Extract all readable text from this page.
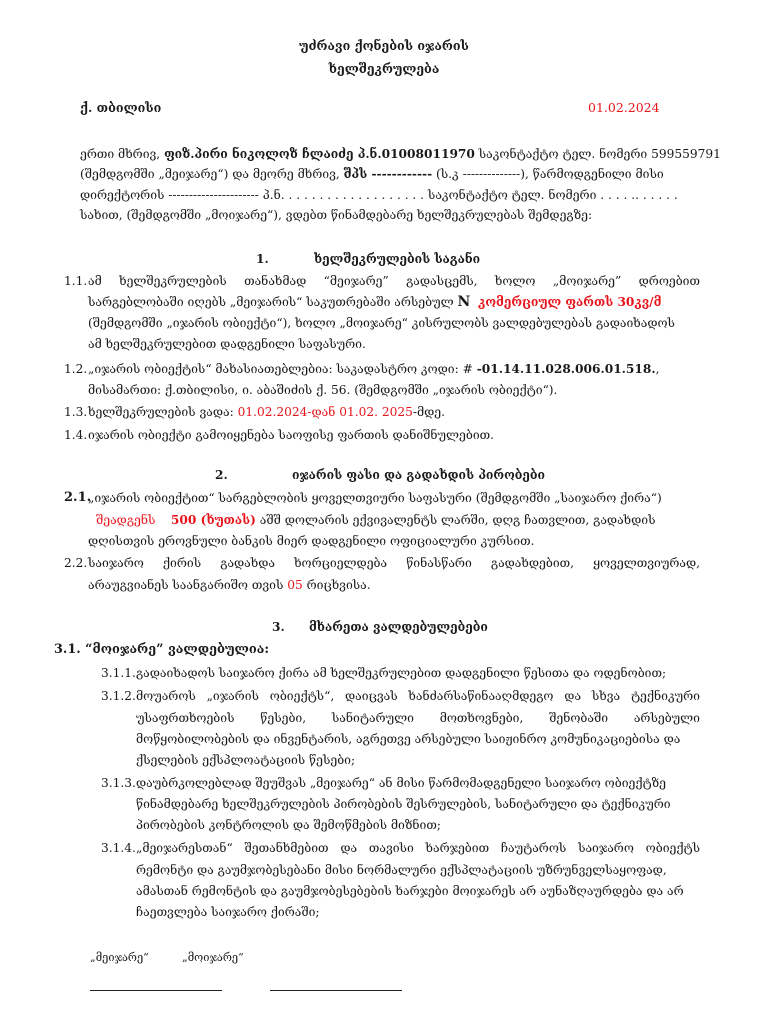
უძრავი ქონების იჯარის
ხელშეკრულება
ქ. თბილისი	01.02.2024
ერთი მხრივ, ფიზ.პირი ნიკოლოზ ჩლაიძე პ.ნ.01008011970 საკონტაქტო ტელ. ნომერი 599559791
(შემდგომში „მეიჯარე“) და მეორე მხრივ, შპს ------------ (ს.კ --------------), წარმოდგენილი მისი
დირექტორის ---------------------- პ.ნ. . . . . . . . . . . . . . . . . . . საკონტაქტო ტელ. ნომერი . . . . .. . . . . .
სახით, (შემდგომში „მოიჯარე“), ვდებთ წინამდებარე ხელშეკრულებას შემდეგზე:
1.	ხელშეკრულების საგანი
1.1. ამ ხელშეკრულების თანახმად “მეიჯარე” გადასცემს, ხოლო „მოიჯარე” დროებით
სარგებლობაში იღებს „მეიჯარის“ საკუთრებაში არსებულ N კომერციულ ფართს 30კვ/მ
(შემდგომში „იჯარის ობიექტი“), ხოლო „მოიჯარე“ კისრულობს ვალდებულებას გადაიხადოს
ამ ხელშეკრულებით დადგენილი საფასური.
1.2. „იჯარის ობიექტის“ მახასიათებლებია: საკადასტრო კოდი: # -01.14.11.028.006.01.518.,
მისამართი: ქ.თბილისი, ი. აბაშიძის ქ. 56. (შემდგომში „იჯარის ობიექტი“).
1.3. ხელშეკრულების ვადა: 01.02.2024-დან 01.02. 2025-მდე.
1.4. იჯარის ობიექტი გამოიყენება საოფისე ფართის დანიშნულებით.
2.	იჯარის ფასი და გადახდის პირობები
2.1.
„იჯარის ობიექტით“ სარგებლობის ყოველთვიური საფასური (შემდგომში „საიჯარო ქირა“)
შეადგენს 500 (ხუთას) აშშ დოლარის ექვივალენტს ლარში, დღგ ჩათვლით, გადახდის
დღისთვის ეროვნული ბანკის მიერ დადგენილი ოფიციალური კურსით.
2.2. საიჯარო ქირის გადახდა ხორციელდება წინასწარი გადახდებით, ყოველთვიურად,
არაუგვიანეს საანგარიშო თვის 05 რიცხვისა.
3. მხარეთა ვალდებულებები
3.1. “მოიჯარე” ვალდებულია:
3.1.1. გადაიხადოს საიჯარო ქირა ამ ხელშეკრულებით დადგენილი წესითა და ოდენობით;
3.1.2. მოუაროს „იჯარის ობიექტს“, დაიცვას ხანძარსაწინააღმდეგო და სხვა ტექნიკური
უსაფრთხოების წესები, სანიტარული მოთხოვნები, შენობაში არსებული
მოწყობილობების და ინვენტარის, აგრეთვე არსებული საიჟინრო კომუნიკაციებისა და
ქსელების ექსპლოატაციის წესები;
3.1.3. დაუბრკოლებლად შეუშვას „მეიჯარე“ ან მისი წარმომადგენელი საიჯარო ობიექტზე
წინამდებარე ხელშეკრულების პირობების შესრულების, სანიტარული და ტექნიკური
პირობების კონტროლის და შემოწმების მიზნით;
3.1.4. „მეიჯარესთან“ შეთანხმებით და თავისი ხარჯებით ჩაუტაროს საიჯარო ობიექტს
რემონტი და გაუმჯობესებანი მისი ნორმალური ექსპლატაციის უზრუნველსაყოფად,
ამასთან რემონტის და გაუმჯობესებების ხარჯები მოიჯარეს არ აუნაზღაურდება და არ
ჩაეთვლება საიჯარო ქირაში;
„მეიჯარე“	„მოიჯარე“
